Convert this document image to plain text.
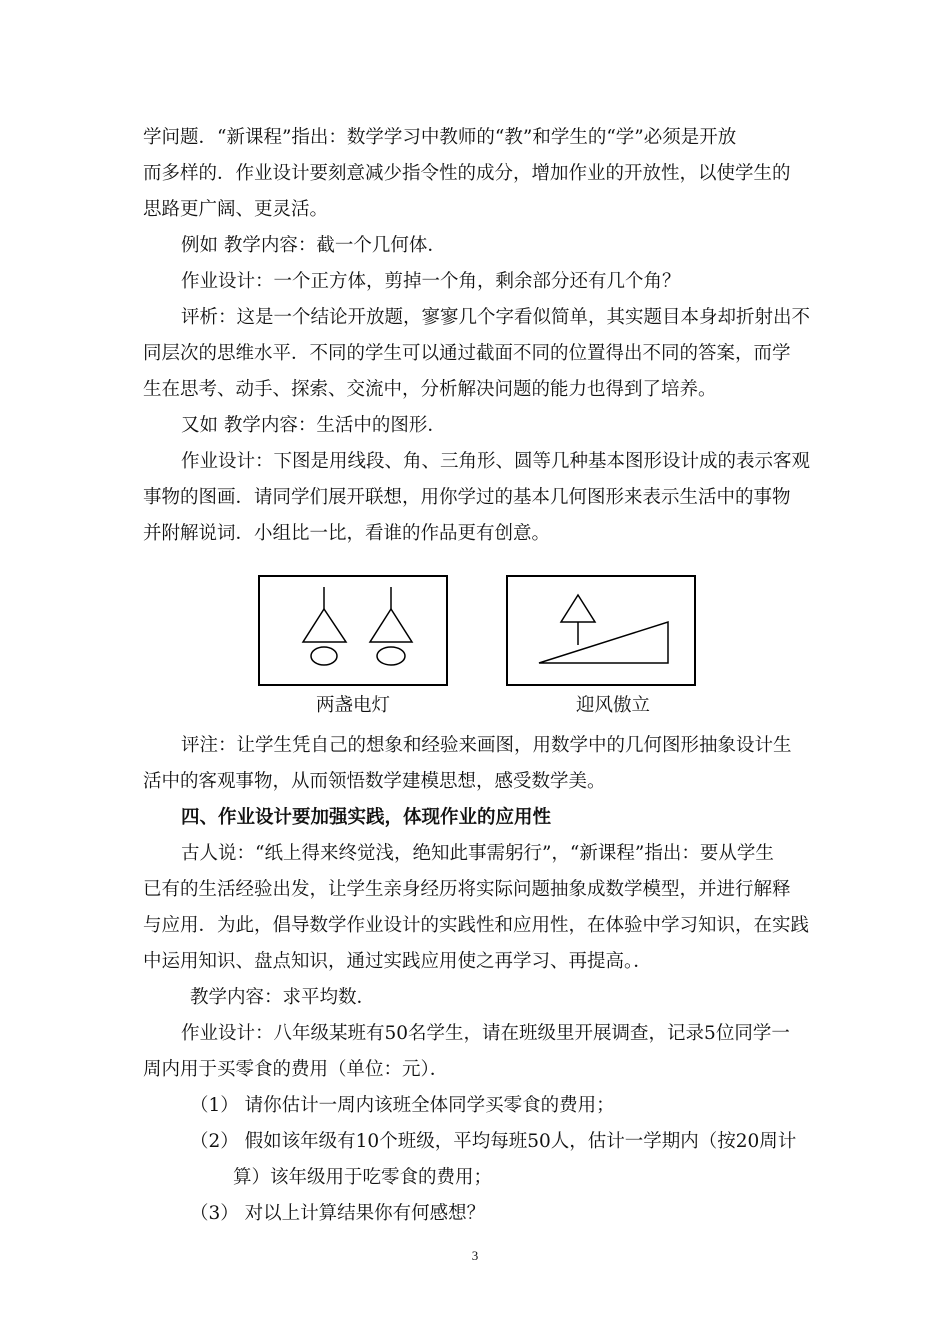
学问题．“新课程”指出：数学学习中教师的“教”和学生的“学”必须是开放
而多样的．作业设计要刻意减少指令性的成分，增加作业的开放性，以使学生的
思路更广阔、更灵活。
例如 教学内容：截一个几何体．
作业设计：一个正方体，剪掉一个角，剩余部分还有几个角？
评析：这是一个结论开放题，寥寥几个字看似简单，其实题目本身却折射出不
同层次的思维水平．不同的学生可以通过截面不同的位置得出不同的答案，而学
生在思考、动手、探索、交流中，分析解决问题的能力也得到了培养。
又如 教学内容：生活中的图形．
作业设计：下图是用线段、角、三角形、圆等几种基本图形设计成的表示客观
事物的图画．请同学们展开联想，用你学过的基本几何图形来表示生活中的事物
并附解说词．小组比一比，看谁的作品更有创意。
两盏电灯	迎风傲立
评注：让学生凭自己的想象和经验来画图，用数学中的几何图形抽象设计生
活中的客观事物，从而领悟数学建模思想，感受数学美。
四、作业设计要加强实践，体现作业的应用性
古人说：“纸上得来终觉浅，绝知此事需躬行”，“新课程”指出：要从学生
已有的生活经验出发，让学生亲身经历将实际问题抽象成数学模型，并进行解释
与应用．为此，倡导数学作业设计的实践性和应用性，在体验中学习知识，在实践
中运用知识、盘点知识，通过实践应用使之再学习、再提高。．
教学内容：求平均数．
作业设计：八年级某班有50名学生，请在班级里开展调查，记录5位同学一
周内用于买零食的费用（单位：元）．
（1） 请你估计一周内该班全体同学买零食的费用；
（2） 假如该年级有10个班级，平均每班50人，估计一学期内（按20周计
算）该年级用于吃零食的费用；
（3） 对以上计算结果你有何感想？
3
